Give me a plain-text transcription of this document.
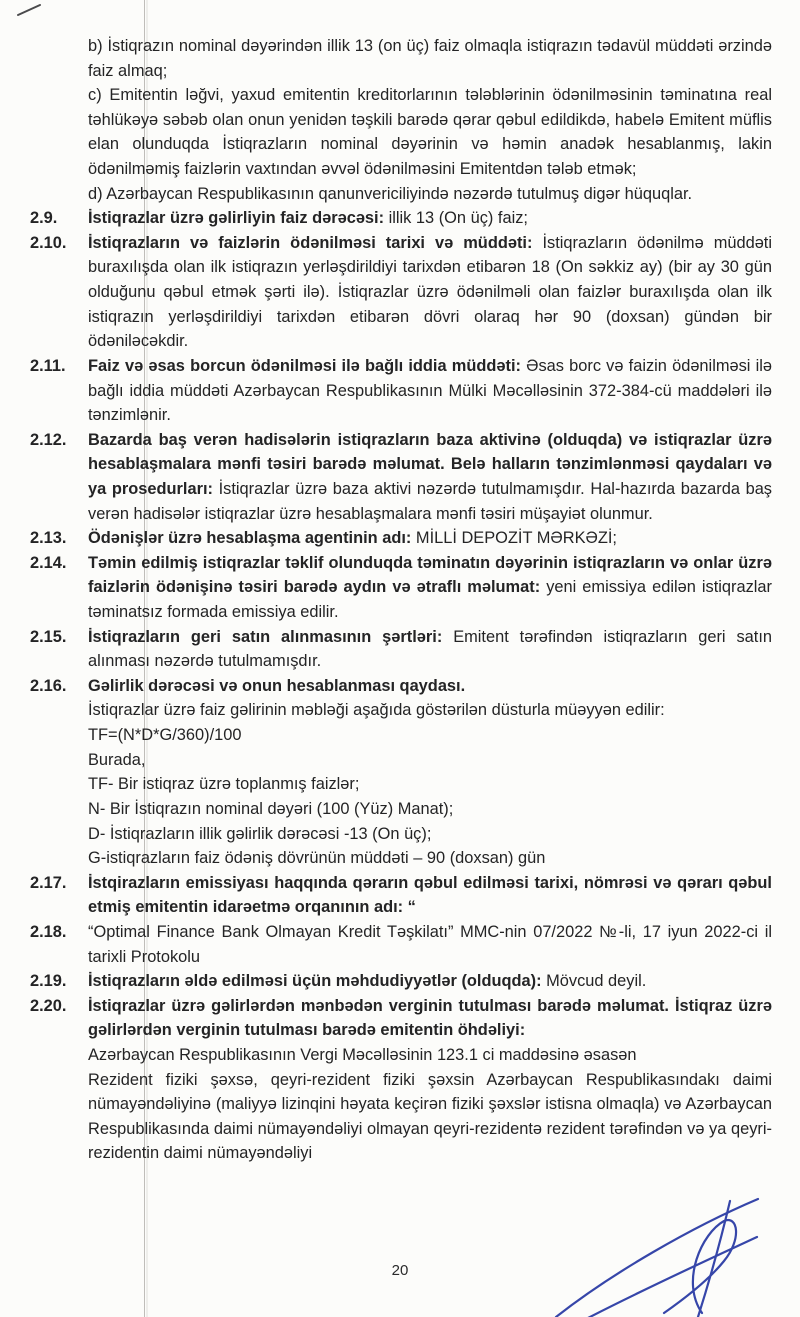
b) İstiqrazın nominal dəyərindən illik 13 (on üç) faiz olmaqla istiqrazın tədavül müddəti ərzində faiz almaq;

c) Emitentin ləğvi, yaxud emitentin kreditorlarının tələblərinin ödənilməsinin təminatına real təhlükəyə səbəb olan onun yenidən təşkili barədə qərar qəbul edildikdə, habelə Emitent müflis elan olunduqda İstiqrazların nominal dəyərinin və həmin anadək hesablanmış, lakin ödənilməmiş faizlərin vaxtından əvvəl ödənilməsini Emitentdən tələb etmək;

d) Azərbaycan Respublikasının qanunvericiliyində nəzərdə tutulmuş digər hüquqlar.

2.9.	İstiqrazlar üzrə gəlirliyin faiz dərəcəsi: illik 13 (On üç) faiz;

2.10.	İstiqrazların və faizlərin ödənilməsi tarixi və müddəti: İstiqrazların ödənilmə müddəti buraxılışda olan ilk istiqrazın yerləşdirildiyi tarixdən etibarən 18 (On səkkiz ay) (bir ay 30 gün olduğunu qəbul etmək şərti ilə). İstiqrazlar üzrə ödənilməli olan faizlər buraxılışda olan ilk istiqrazın yerləşdirildiyi tarixdən etibarən dövri olaraq hər 90 (doxsan) gündən bir ödəniləcəkdir.

2.11.	Faiz və əsas borcun ödənilməsi ilə bağlı iddia müddəti: Əsas borc və faizin ödənilməsi ilə bağlı iddia müddəti Azərbaycan Respublikasının Mülki Məcəlləsinin 372-384-cü maddələri ilə tənzimlənir.

2.12.	Bazarda baş verən hadisələrin istiqrazların baza aktivinə (olduqda) və istiqrazlar üzrə hesablaşmalara mənfi təsiri barədə məlumat. Belə halların tənzimlənməsi qaydaları və ya prosedurları: İstiqrazlar üzrə baza aktivi nəzərdə tutulmamışdır. Hal-hazırda bazarda baş verən hadisələr istiqrazlar üzrə hesablaşmalara mənfi təsiri müşayiət olunmur.

2.13.	Ödənişlər üzrə hesablaşma agentinin adı: MİLLİ DEPOZİT MƏRKƏZİ;

2.14.	Təmin edilmiş istiqrazlar təklif olunduqda təminatın dəyərinin istiqrazların və onlar üzrə faizlərin ödənişinə təsiri barədə aydın və ətraflı məlumat: yeni emissiya edilən istiqrazlar təminatsız formada emissiya edilir.

2.15.	İstiqrazların geri satın alınmasının şərtləri: Emitent tərəfindən istiqrazların geri satın alınması nəzərdə tutulmamışdır.

2.16.	Gəlirlik dərəcəsi və onun hesablanması qaydası.

İstiqrazlar üzrə faiz gəlirinin məbləği aşağıda göstərilən düsturla müəyyən edilir:

TF=(N*D*G/360)/100

Burada,

TF- Bir istiqraz üzrə toplanmış faizlər;

N- Bir İstiqrazın nominal dəyəri (100 (Yüz) Manat);

D- İstiqrazların illik gəlirlik dərəcəsi -13 (On üç);

G-istiqrazların faiz ödəniş dövrünün müddəti – 90 (doxsan) gün

2.17.	İstqirazların emissiyası haqqında qərarın qəbul edilməsi tarixi, nömrəsi və qərarı qəbul etmiş emitentin idarəetmə orqanının adı: “

2.18.	“Optimal Finance Bank Olmayan Kredit Təşkilatı” MMC-nin 07/2022 №-li, 17 iyun 2022-ci il tarixli Protokolu

2.19.	İstiqrazların əldə edilməsi üçün məhdudiyyətlər (olduqda): Mövcud deyil.

2.20.	İstiqrazlar üzrə gəlirlərdən mənbədən verginin tutulması barədə məlumat. İstiqraz üzrə gəlirlərdən verginin tutulması barədə emitentin öhdəliyi:

Azərbaycan Respublikasının Vergi Məcəlləsinin 123.1 ci maddəsinə əsasən

Rezident fiziki şəxsə, qeyri-rezident fiziki şəxsin Azərbaycan Respublikasındakı daimi nümayəndəliyinə (maliyyə lizinqini həyata keçirən fiziki şəxslər istisna olmaqla) və Azərbaycan Respublikasında daimi nümayəndəliyi olmayan qeyri-rezidentə rezident tərəfindən və ya qeyri-rezidentin daimi nümayəndəliyi

20
